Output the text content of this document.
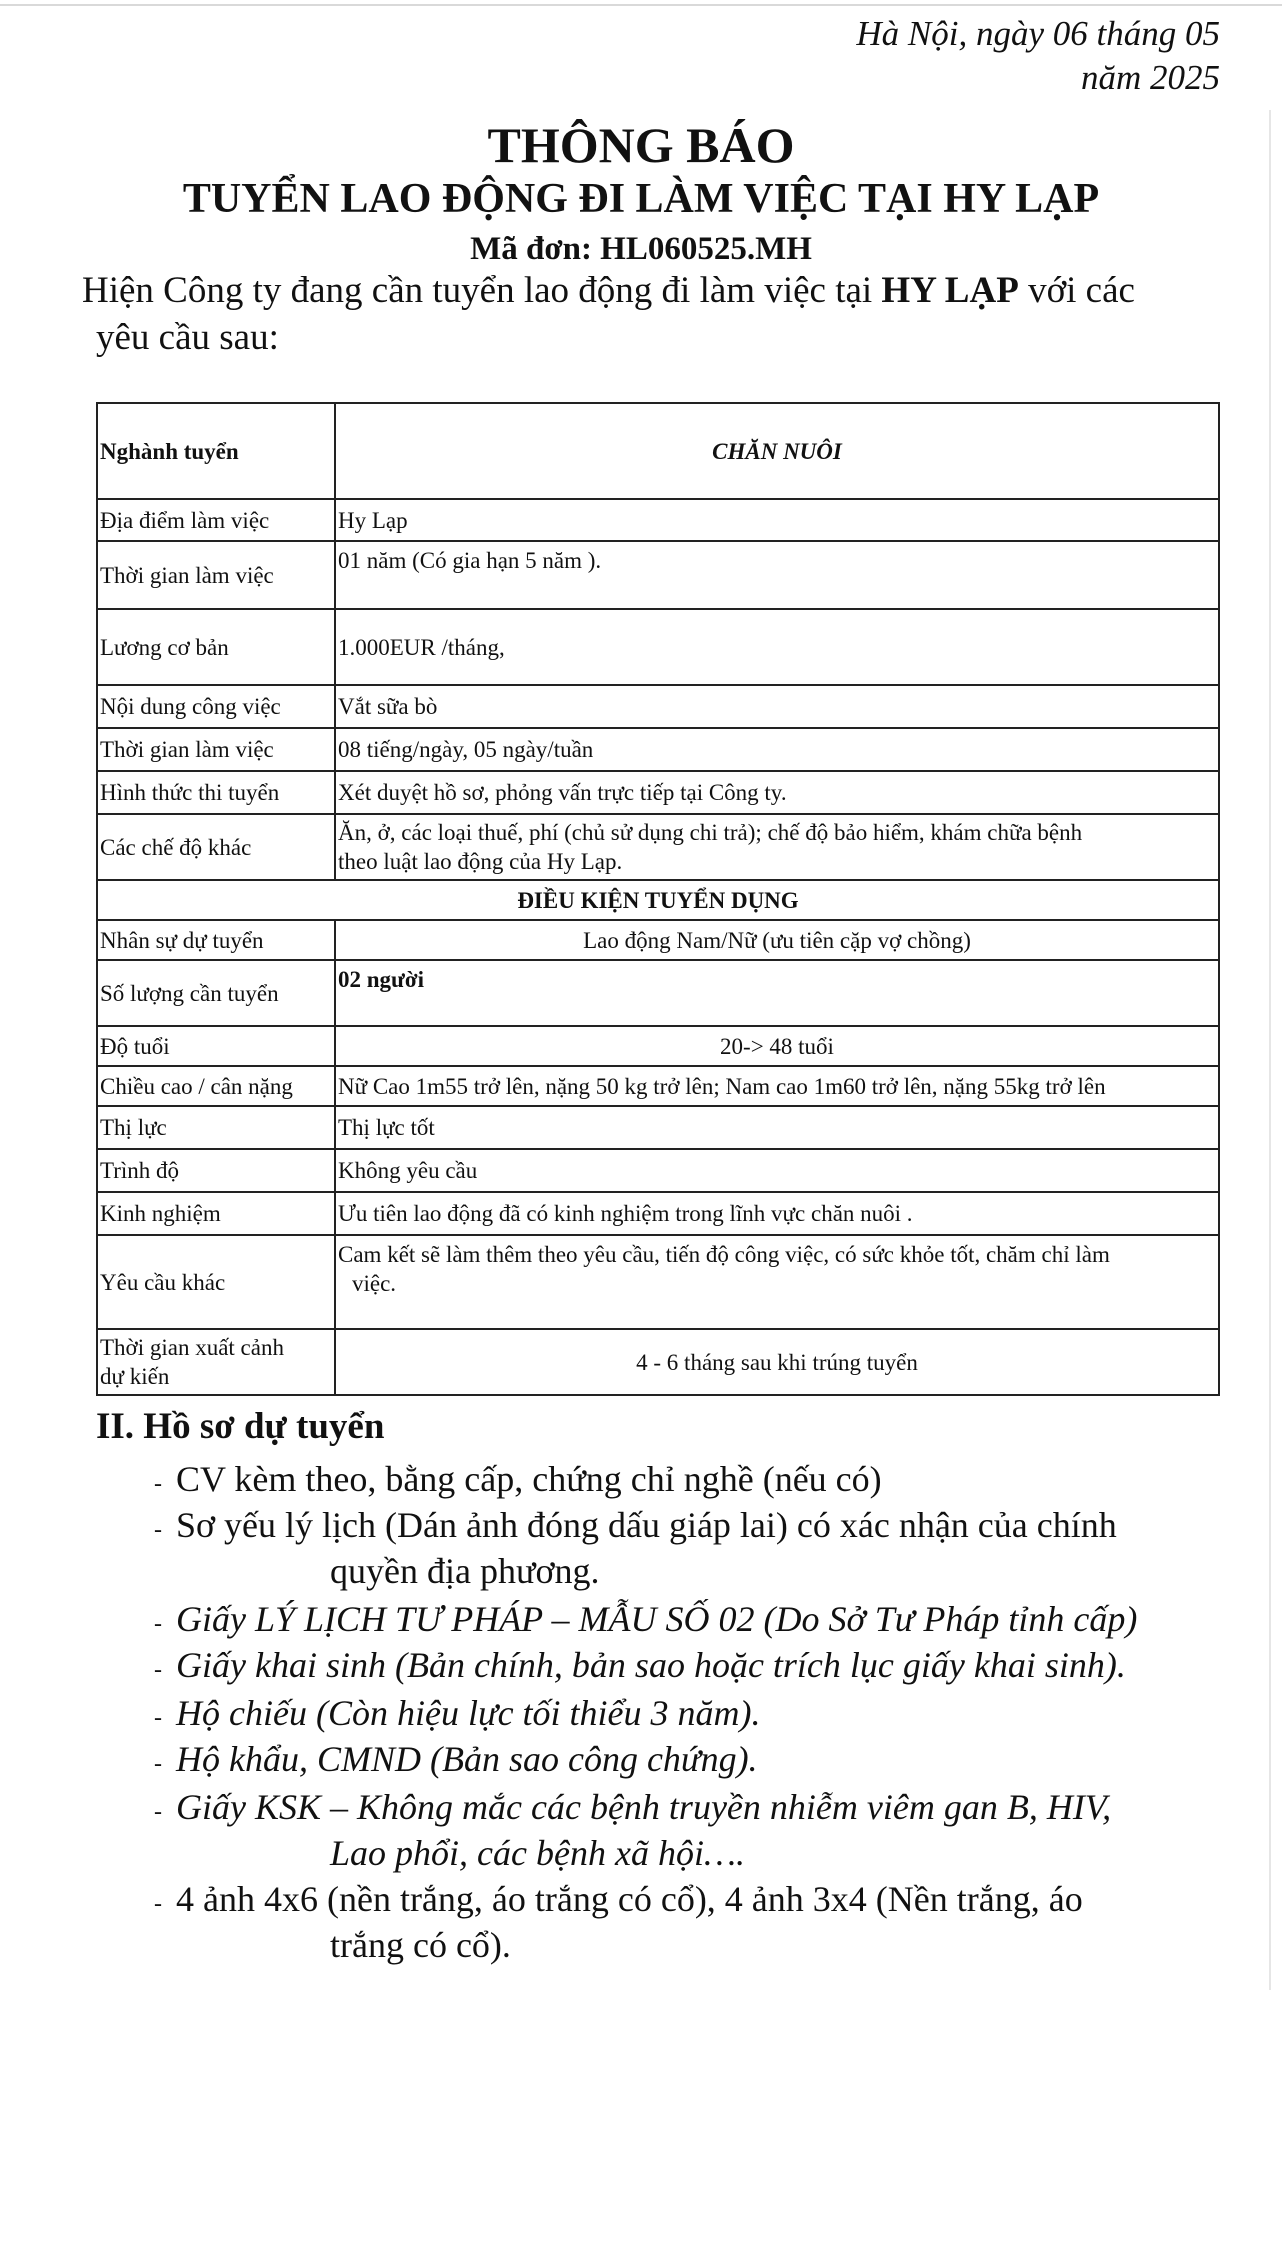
Hà Nội, ngày 06 tháng 05
năm 2025
THÔNG BÁO
TUYỂN LAO ĐỘNG ĐI LÀM VIỆC TẠI HY LẠP
Mã đơn: HL060525.MH
Hiện Công ty đang cần tuyển lao động đi làm việc tại HY LẠP với các
yêu cầu sau:
Nghành tuyển	CHĂN NUÔI
Địa điểm làm việc	Hy Lạp
Thời gian làm việc	01 năm (Có gia hạn 5 năm ).
Lương cơ bản	1.000EUR /tháng,
Nội dung công việc	Vắt sữa bò
Thời gian làm việc	08 tiếng/ngày, 05 ngày/tuần
Hình thức thi tuyển	Xét duyệt hồ sơ, phỏng vấn trực tiếp tại Công ty.
Các chế độ khác	Ăn, ở, các loại thuế, phí (chủ sử dụng chi trả); chế độ bảo hiểm, khám chữa bệnh
theo luật lao động của Hy Lạp.

ĐIỀU KIỆN TUYỂN DỤNG	
Nhân sự dự tuyển	Lao động Nam/Nữ (ưu tiên cặp vợ chồng)
Số lượng cần tuyển	02 người
Độ tuổi	20-> 48 tuổi
Chiều cao / cân nặng	Nữ Cao 1m55 trở lên, nặng 50 kg trở lên; Nam cao 1m60 trở lên, nặng 55kg trở lên
Thị lực	Thị lực tốt
Trình độ	Không yêu cầu
Kinh nghiệm	Ưu tiên lao động đã có kinh nghiệm trong lĩnh vực chăn nuôi .
Yêu cầu khác	Cam kết sẽ làm thêm theo yêu cầu, tiến độ công việc, có sức khỏe tốt, chăm chỉ làm
việc.

Thời gian xuất cảnh
dự kiến	4 - 6 tháng sau khi trúng tuyển
II. Hồ sơ dự tuyển
- CV kèm theo, bằng cấp, chứng chỉ nghề (nếu có)
- Sơ yếu lý lịch (Dán ảnh đóng dấu giáp lai) có xác nhận của chính
quyền địa phương.
- Giấy LÝ LỊCH TƯ PHÁP – MẪU SỐ 02 (Do Sở Tư Pháp tỉnh cấp)
- Giấy khai sinh (Bản chính, bản sao hoặc trích lục giấy khai sinh).
- Hộ chiếu (Còn hiệu lực tối thiểu 3 năm).
- Hộ khẩu, CMND (Bản sao công chứng).
- Giấy KSK – Không mắc các bệnh truyền nhiễm viêm gan B, HIV,
Lao phổi, các bệnh xã hội….
- 4 ảnh 4x6 (nền trắng, áo trắng có cổ), 4 ảnh 3x4 (Nền trắng, áo
trắng có cổ).
